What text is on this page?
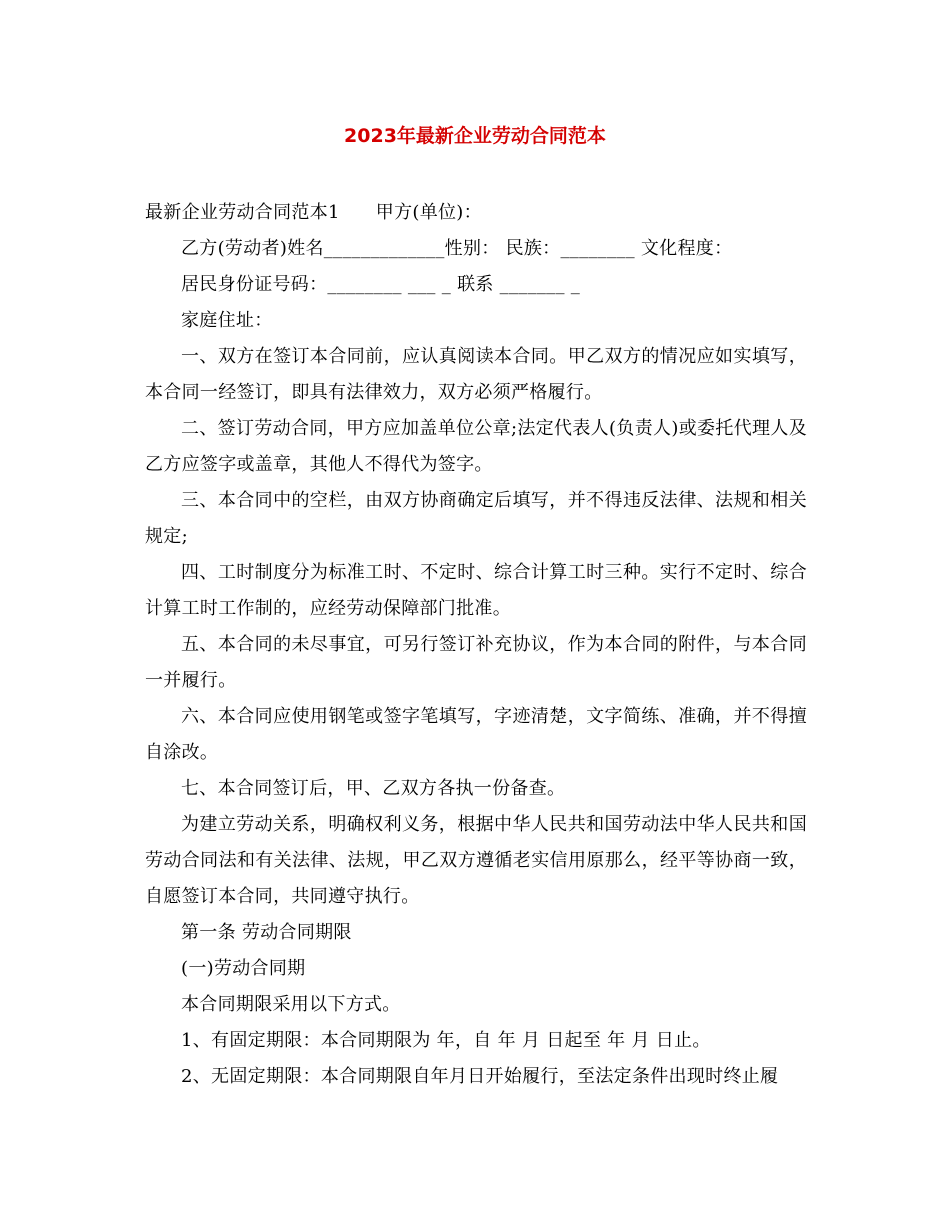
2023年最新企业劳动合同范本

最新企业劳动合同范本1 甲方(单位)：

乙方(劳动者)姓名_____________性别： 民族：________ 文化程度：

居民身份证号码：________ ___ _ 联系 _______ _

家庭住址：

一、双方在签订本合同前，应认真阅读本合同。甲乙双方的情况应如实填写，本合同一经签订，即具有法律效力，双方必须严格履行。

二、签订劳动合同，甲方应加盖单位公章;法定代表人(负责人)或委托代理人及乙方应签字或盖章，其他人不得代为签字。

三、本合同中的空栏，由双方协商确定后填写，并不得违反法律、法规和相关规定;

四、工时制度分为标准工时、不定时、综合计算工时三种。实行不定时、综合计算工时工作制的，应经劳动保障部门批准。

五、本合同的未尽事宜，可另行签订补充协议，作为本合同的附件，与本合同一并履行。

六、本合同应使用钢笔或签字笔填写，字迹清楚，文字简练、准确，并不得擅自涂改。

七、本合同签订后，甲、乙双方各执一份备查。

为建立劳动关系，明确权利义务，根据中华人民共和国劳动法中华人民共和国劳动合同法和有关法律、法规，甲乙双方遵循老实信用原那么，经平等协商一致，自愿签订本合同，共同遵守执行。

第一条 劳动合同期限

(一)劳动合同期

本合同期限采用以下方式。

1、有固定期限：本合同期限为 年，自 年 月 日起至 年 月 日止。

2、无固定期限：本合同期限自年月日开始履行，至法定条件出现时终止履
